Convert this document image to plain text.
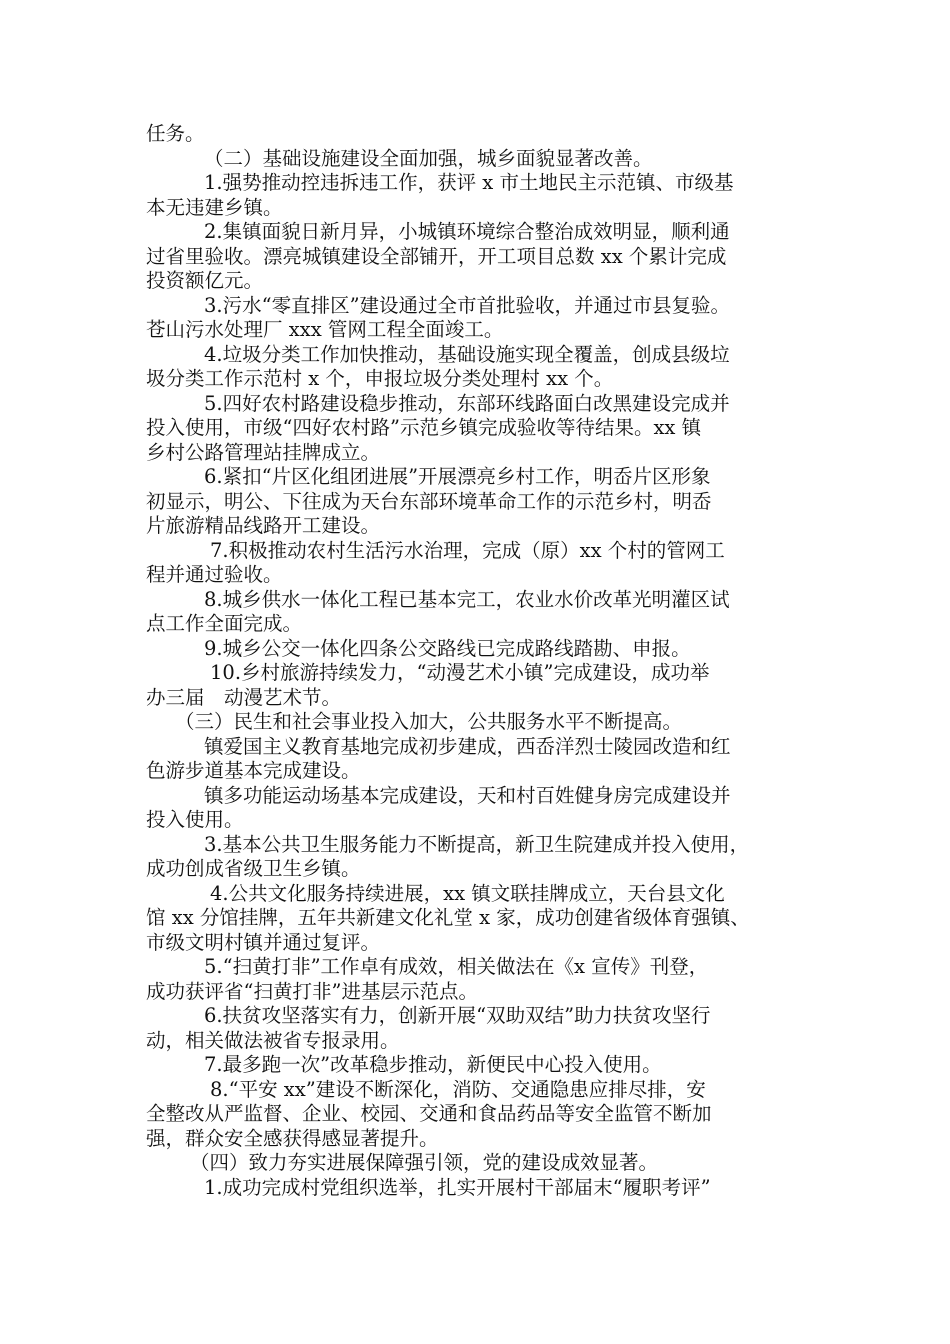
任务。

（二）基础设施建设全面加强，城乡面貌显著改善。

1.强势推动控违拆违工作，获评 x 市土地民主示范镇、市级基

本无违建乡镇。

2.集镇面貌日新月异，小城镇环境综合整治成效明显，顺利通

过省里验收。漂亮城镇建设全部铺开，开工项目总数 xx 个累计完成

投资额亿元。

3.污水“零直排区”建设通过全市首批验收，并通过市县复验。

苍山污水处理厂 xxx 管网工程全面竣工。

4.垃圾分类工作加快推动，基础设施实现全覆盖，创成县级垃

圾分类工作示范村 x 个，申报垃圾分类处理村 xx 个。

5.四好农村路建设稳步推动，东部环线路面白改黑建设完成并

投入使用，市级“四好农村路”示范乡镇完成验收等待结果。xx 镇

乡村公路管理站挂牌成立。

6.紧扣“片区化组团进展”开展漂亮乡村工作，明岙片区形象

初显示，明公、下往成为天台东部环境革命工作的示范乡村，明岙

片旅游精品线路开工建设。

7.积极推动农村生活污水治理，完成（原）xx 个村的管网工

程并通过验收。

8.城乡供水一体化工程已基本完工，农业水价改革光明灌区试

点工作全面完成。

9.城乡公交一体化四条公交路线已完成路线踏勘、申报。

10.乡村旅游持续发力，“动漫艺术小镇”完成建设，成功举

办三届　动漫艺术节。

（三）民生和社会事业投入加大，公共服务水平不断提高。

镇爱国主义教育基地完成初步建成，西岙洋烈士陵园改造和红

色游步道基本完成建设。

镇多功能运动场基本完成建设，天和村百姓健身房完成建设并

投入使用。

3.基本公共卫生服务能力不断提高，新卫生院建成并投入使用，

成功创成省级卫生乡镇。

4.公共文化服务持续进展，xx 镇文联挂牌成立，天台县文化

馆 xx 分馆挂牌，五年共新建文化礼堂 x 家，成功创建省级体育强镇、

市级文明村镇并通过复评。

5.“扫黄打非”工作卓有成效，相关做法在《x 宣传》刊登，

成功获评省“扫黄打非”进基层示范点。

6.扶贫攻坚落实有力，创新开展“双助双结”助力扶贫攻坚行

动，相关做法被省专报录用。

7.最多跑一次”改革稳步推动，新便民中心投入使用。

8.“平安 xx”建设不断深化，消防、交通隐患应排尽排，安

全整改从严监督、企业、校园、交通和食品药品等安全监管不断加

强，群众安全感获得感显著提升。

（四）致力夯实进展保障强引领，党的建设成效显著。

1.成功完成村党组织选举，扎实开展村干部届末“履职考评”
